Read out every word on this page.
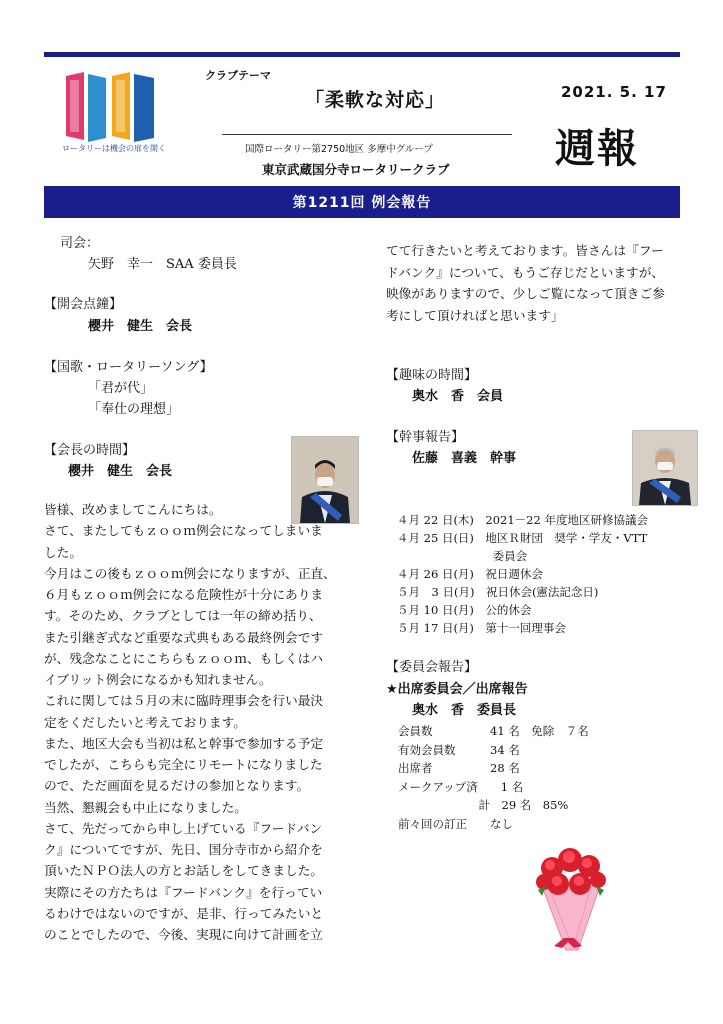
ロータリーは機会の扉を開く
クラブテーマ
「柔軟な対応」	2021. 5. 17
週報
国際ロータリー第2750地区 多摩中グループ
東京武蔵国分寺ロータリークラブ
第1211回 例会報告
司会：
矢野　幸一　SAA 委員長
【開会点鐘】
櫻井　健生　会長
【国歌・ロータリーソング】
「君が代」
「奉仕の理想」
【会長の時間】
櫻井　健生　会長

皆様、改めましてこんにちは。

さて、またしてもｚｏｏｍ例会になってしまいま

した。

今月はこの後もｚｏｏｍ例会になりますが、正直、

６月もｚｏｏｍ例会になる危険性が十分にありま

す。そのため、クラブとしては一年の締め括り、

また引継ぎ式など重要な式典もある最終例会です

が、残念なことにこちらもｚｏｏｍ、もしくはハ

イブリット例会になるかも知れません。

これに関しては５月の末に臨時理事会を行い最決

定をくだしたいと考えております。

また、地区大会も当初は私と幹事で参加する予定

でしたが、こちらも完全にリモートになりました

ので、ただ画面を見るだけの参加となります。

当然、懇親会も中止になりました。

さて、先だってから申し上げている『フードバン

ク』についてですが、先日、国分寺市から紹介を

頂いたＮＰＯ法人の方とお話しをしてきました。

実際にその方たちは『フードバンク』を行ってい

るわけではないのですが、是非、行ってみたいと

のことでしたので、今後、実現に向けて計画を立

てて行きたいと考えております。皆さんは『フー

ドバンク』について、もうご存じだといますが、

映像がありますので、少しご覧になって頂きご参

考にして頂ければと思います」

【趣味の時間】
奥水　香　会員
【幹事報告】
佐藤　喜義　幹事
４月 22 日(木)　2021－22 年度地区研修協議会
４月 25 日(日)　地区Ｒ財団　奨学・学友・VTT
　　　　　　　　 委員会
４月 26 日(月)　祝日週休会
５月　3 日(月)　祝日休会(憲法記念日)
５月 10 日(月)　公的休会
５月 17 日(月)　第十一回理事会
【委員会報告】
★出席委員会／出席報告
奥水　香　委員長
会員数　　　　　41 名　免除　７名
有効会員数　　　34 名
出席者　　　　　28 名
メークアップ済　　1 名
　　　　　　　計　29 名　85%
前々回の訂正　　なし
